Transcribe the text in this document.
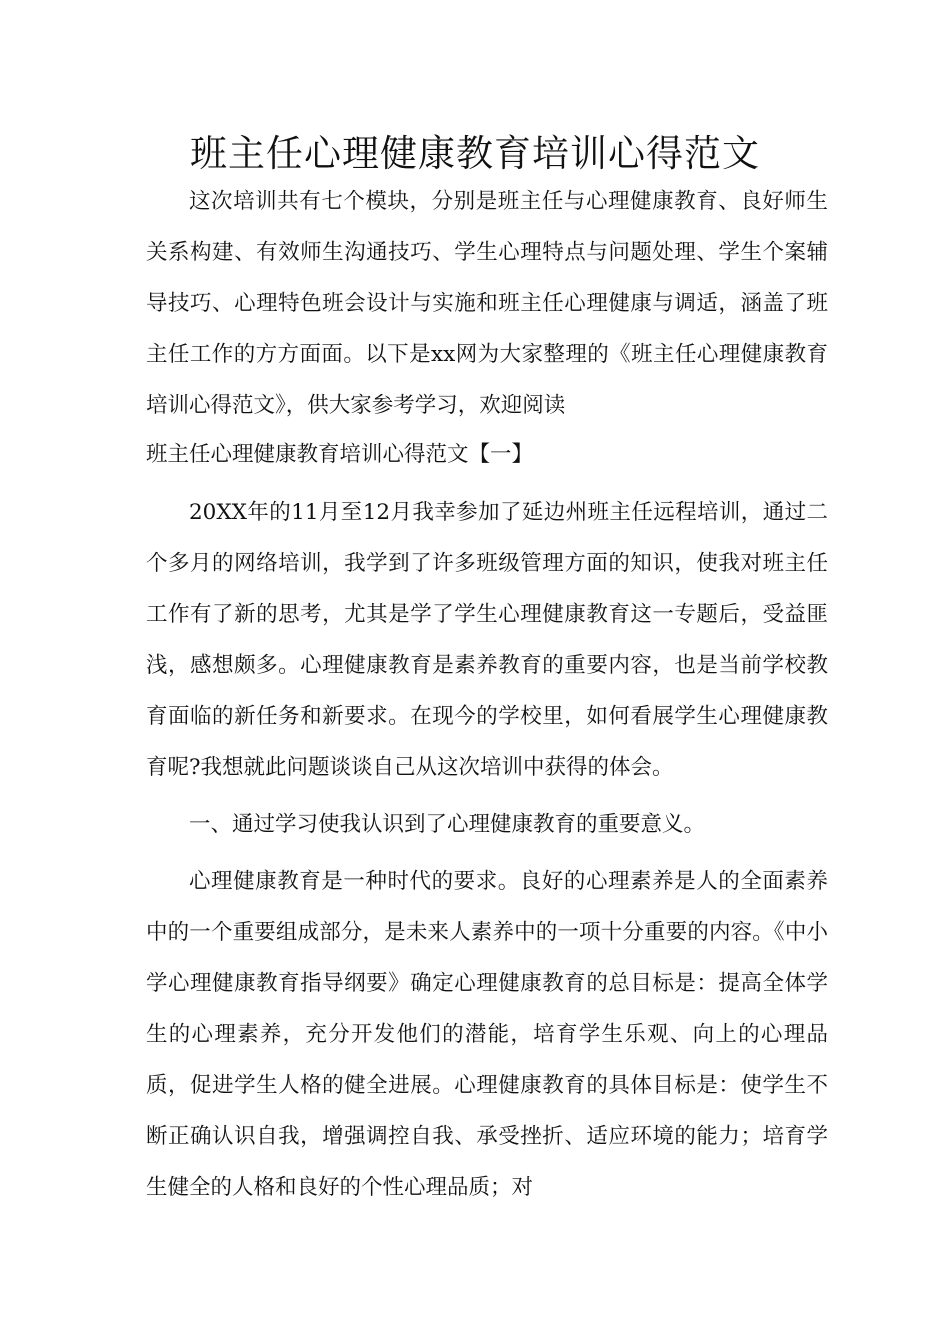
班主任心理健康教育培训心得范文

这次培训共有七个模块，分别是班主任与心理健康教育、良好师生关系构建、有效师生沟通技巧、学生心理特点与问题处理、学生个案辅导技巧、心理特色班会设计与实施和班主任心理健康与调适，涵盖了班主任工作的方方面面。以下是xx网为大家整理的《班主任心理健康教育培训心得范文》，供大家参考学习，欢迎阅读

班主任心理健康教育培训心得范文【一】

20XX年的11月至12月我幸参加了延边州班主任远程培训，通过二个多月的网络培训，我学到了许多班级管理方面的知识，使我对班主任工作有了新的思考，尤其是学了学生心理健康教育这一专题后，受益匪浅，感想颇多。心理健康教育是素养教育的重要内容，也是当前学校教育面临的新任务和新要求。在现今的学校里，如何看展学生心理健康教育呢?我想就此问题谈谈自己从这次培训中获得的体会。

一、通过学习使我认识到了心理健康教育的重要意义。

心理健康教育是一种时代的要求。良好的心理素养是人的全面素养中的一个重要组成部分，是未来人素养中的一项十分重要的内容。《中小学心理健康教育指导纲要》确定心理健康教育的总目标是：提高全体学生的心理素养，充分开发他们的潜能，培育学生乐观、向上的心理品质，促进学生人格的健全进展。心理健康教育的具体目标是：使学生不断正确认识自我，增强调控自我、承受挫折、适应环境的能力；培育学生健全的人格和良好的个性心理品质；对
